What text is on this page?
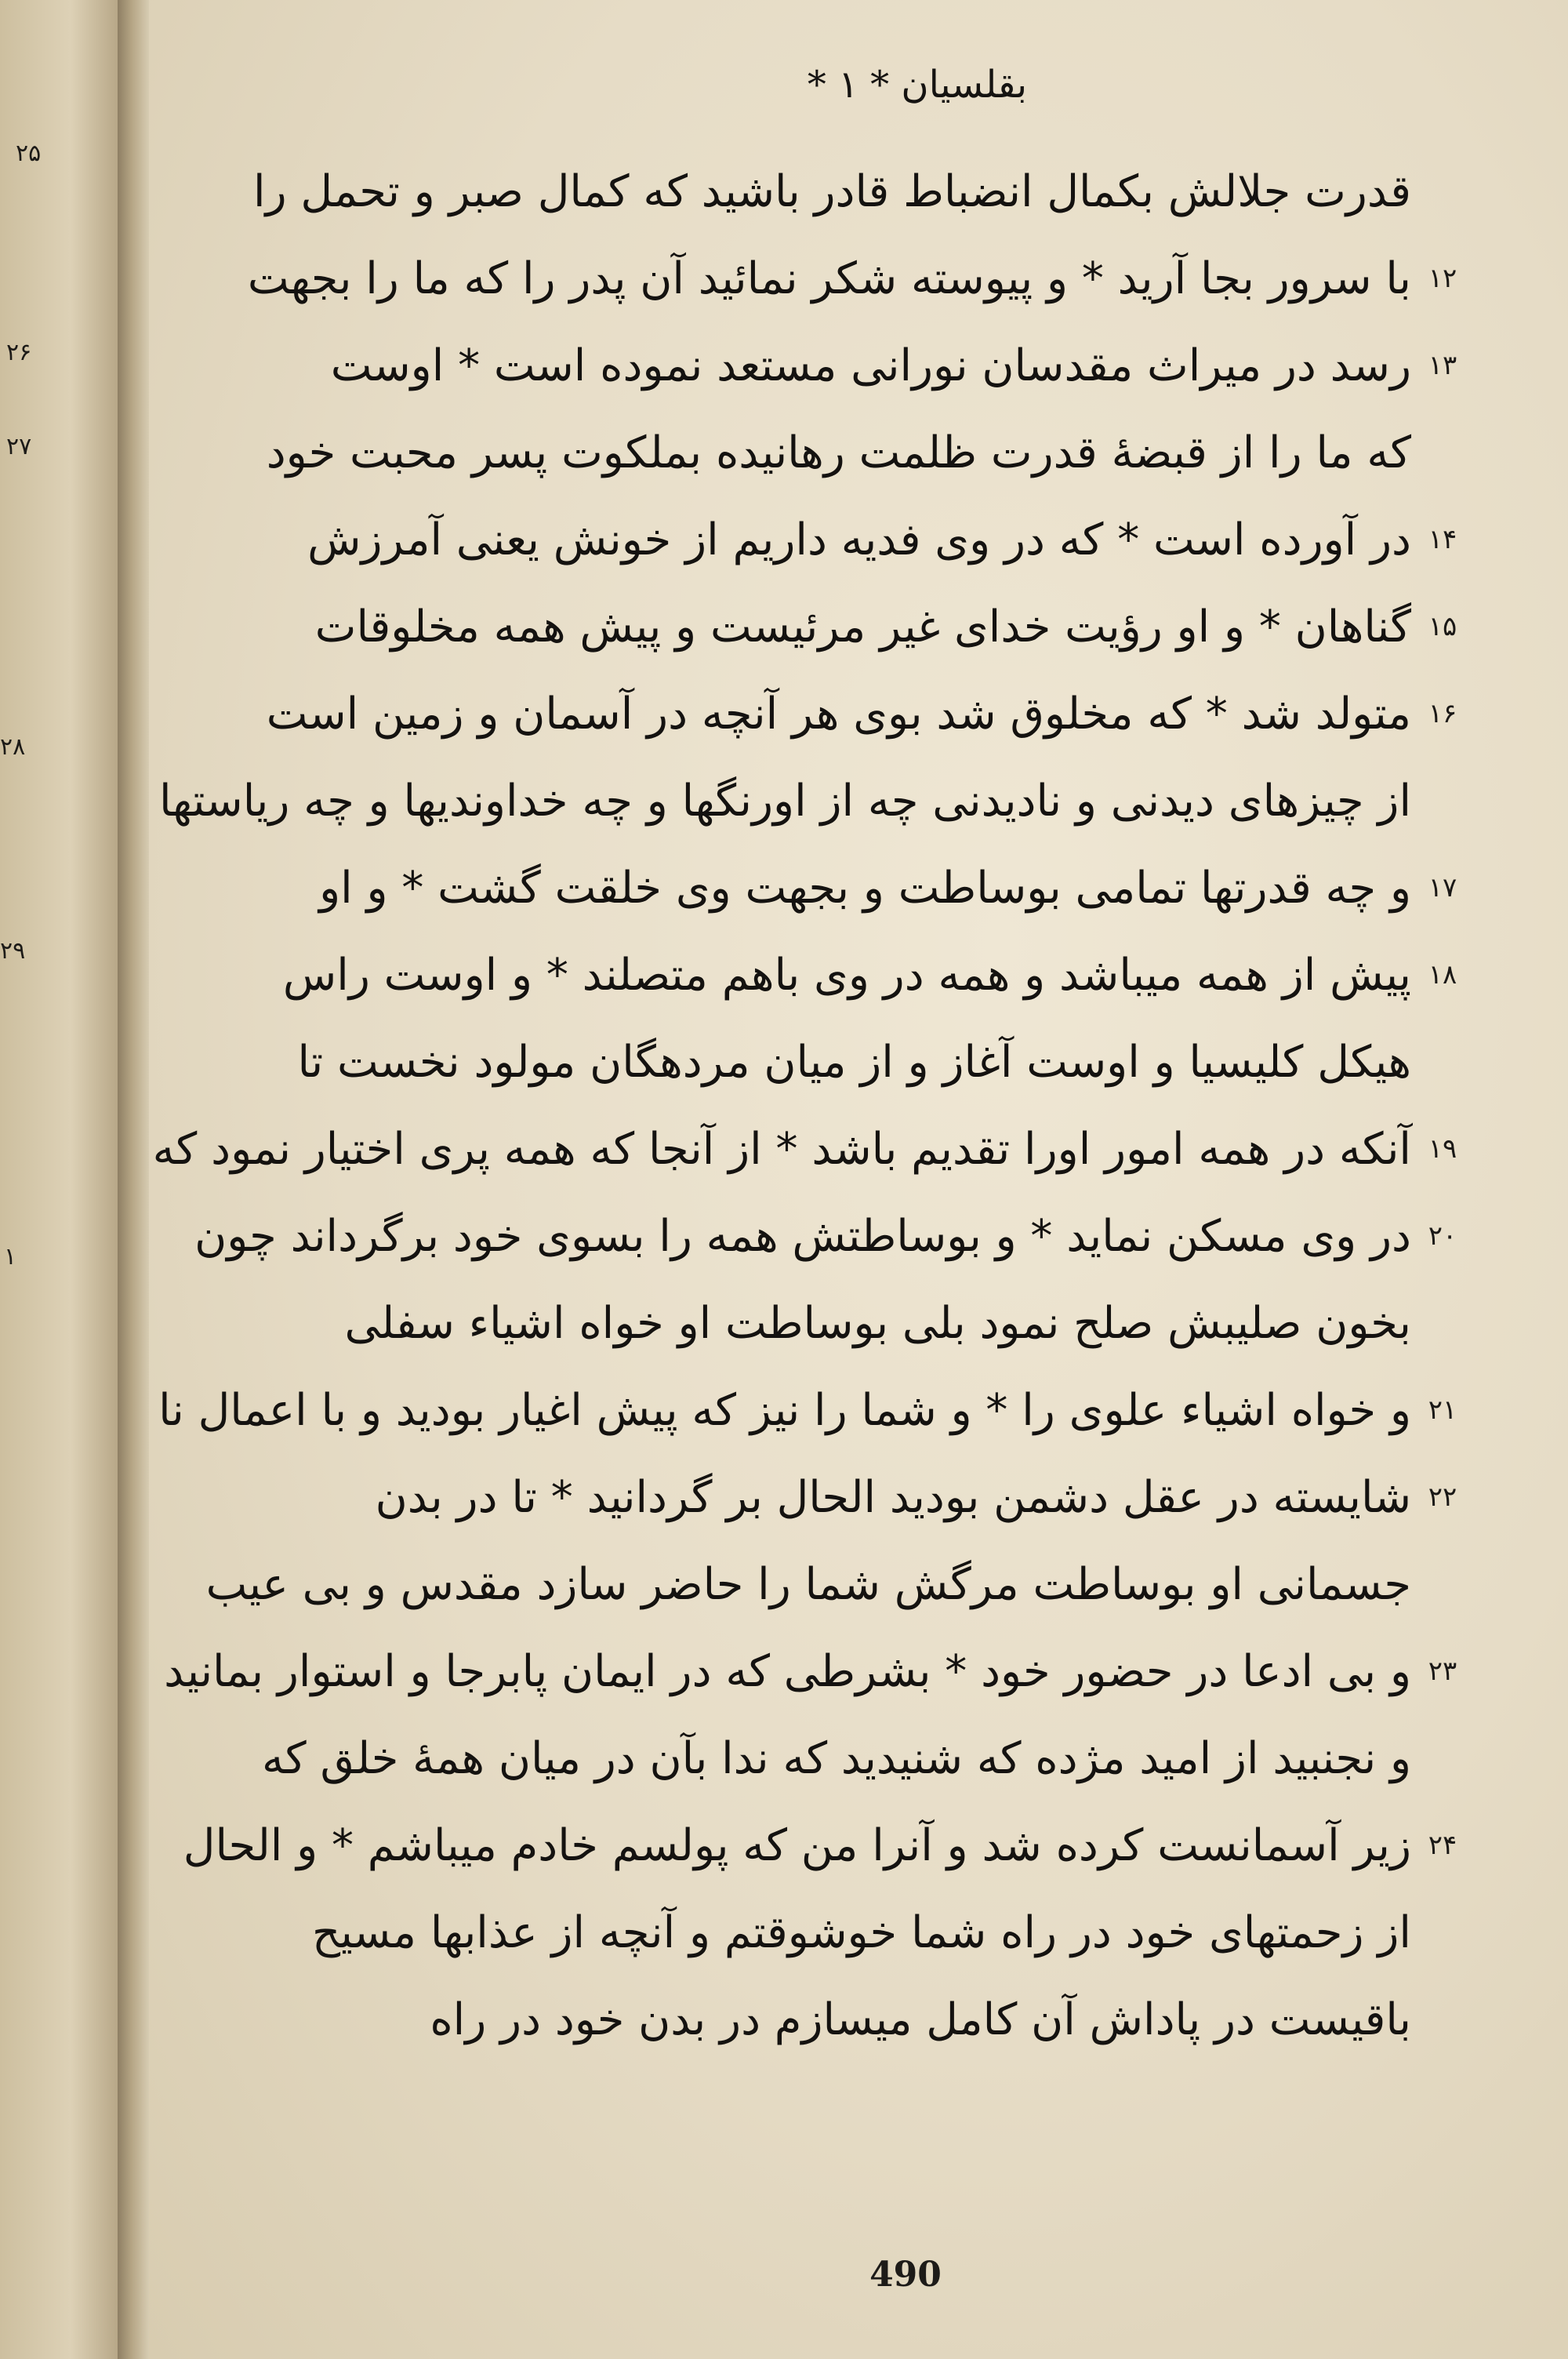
۲۵
۲۶
۲۷
۲۸
۲۹
۱
بقلسیان * ۱ *
قدرت جلالش بکمال انضباط قادر باشید که کمال صبر و تحمل را
۱۲
با سرور بجا آرید * و پیوسته شکر نمائید آن پدر را که ما را بجهت
۱۳
رسد در میراث مقدسان نورانی مستعد نموده است * اوست
که ما را از قبضهٔ قدرت ظلمت رهانیده بملکوت پسر محبت خود
۱۴
در آورده است * که در وی فدیه داریم از خونش یعنی آمرزش
۱۵
گناهان * و او رؤیت خدای غیر مرئیست و پیش همه مخلوقات
۱۶
متولد شد * که مخلوق شد بوی هر آنچه در آسمان و زمین است
از چیزهای دیدنی و نادیدنی چه از اورنگها و چه خداوندیها و چه ریاستها
۱۷
و چه قدرتها تمامی بوساطت و بجهت وی خلقت گشت * و او
۱۸
پیش از همه میباشد و همه در وی باهم متصلند * و اوست راس
هیکل کلیسیا و اوست آغاز و از میان مردهگان مولود نخست تا
۱۹
آنکه در همه امور اورا تقدیم باشد * از آنجا که همه پری اختیار نمود که
۲۰
در وی مسکن نماید * و بوساطتش همه را بسوی خود برگرداند چون
بخون صلیبش صلح نمود بلی بوساطت او خواه اشیاء سفلی
۲۱
و خواه اشیاء علوی را * و شما را نیز که پیش اغیار بودید و با اعمال نا
۲۲
شایسته در عقل دشمن بودید الحال بر گردانید * تا در بدن
جسمانی او بوساطت مرگش شما را حاضر سازد مقدس و بی عیب
۲۳
و بی ادعا در حضور خود * بشرطی که در ایمان پابرجا و استوار بمانید
و نجنبید از امید مژده که شنیدید که ندا بآن در میان همهٔ خلق که
۲۴
زیر آسمانست کرده شد و آنرا من که پولسم خادم میباشم * و الحال
از زحمتهای خود در راه شما خوشوقتم و آنچه از عذابها مسیح
باقیست در پاداش آن کامل میسازم در بدن خود در راه
490
